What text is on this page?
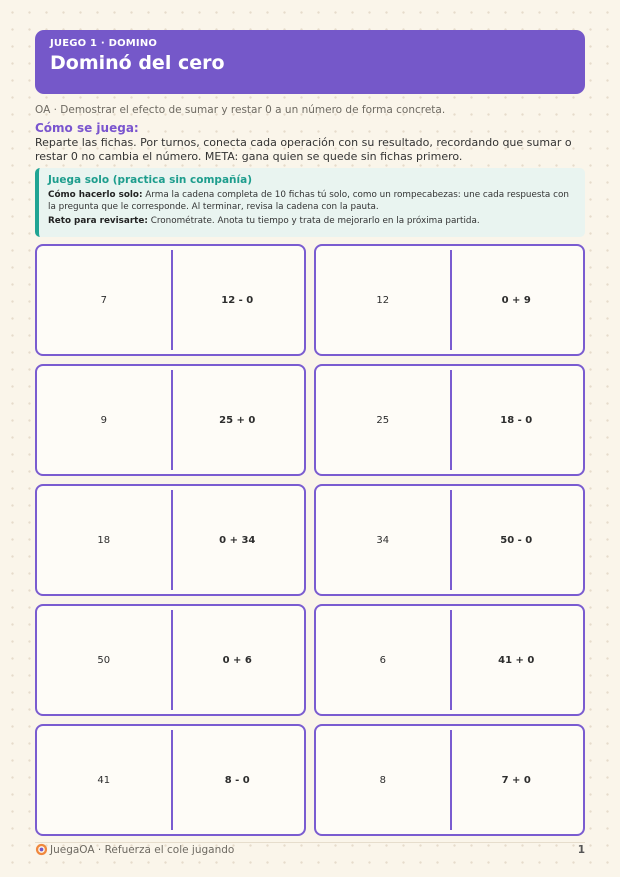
JUEGO 1 · DOMINO
Dominó del cero
OA · Demostrar el efecto de sumar y restar 0 a un número de forma concreta.
Cómo se juega:
Reparte las fichas. Por turnos, conecta cada operación con su resultado, recordando que sumar o restar 0 no cambia el número. META: gana quien se quede sin fichas primero.
Juega solo (practica sin compañía)
Cómo hacerlo solo: Arma la cadena completa de 10 fichas tú solo, como un rompecabezas: une cada respuesta con la pregunta que le corresponde. Al terminar, revisa la cadena con la pauta.
Reto para revisarte: Cronométrate. Anota tu tiempo y trata de mejorarlo en la próxima partida.
7	12 - 0	12	0 + 9
9	25 + 0	25	18 - 0
18	0 + 34	34	50 - 0
50	0 + 6	6	41 + 0
41	8 - 0	8	7 + 0
JuegaOA · Refuerza el cole jugando	1
